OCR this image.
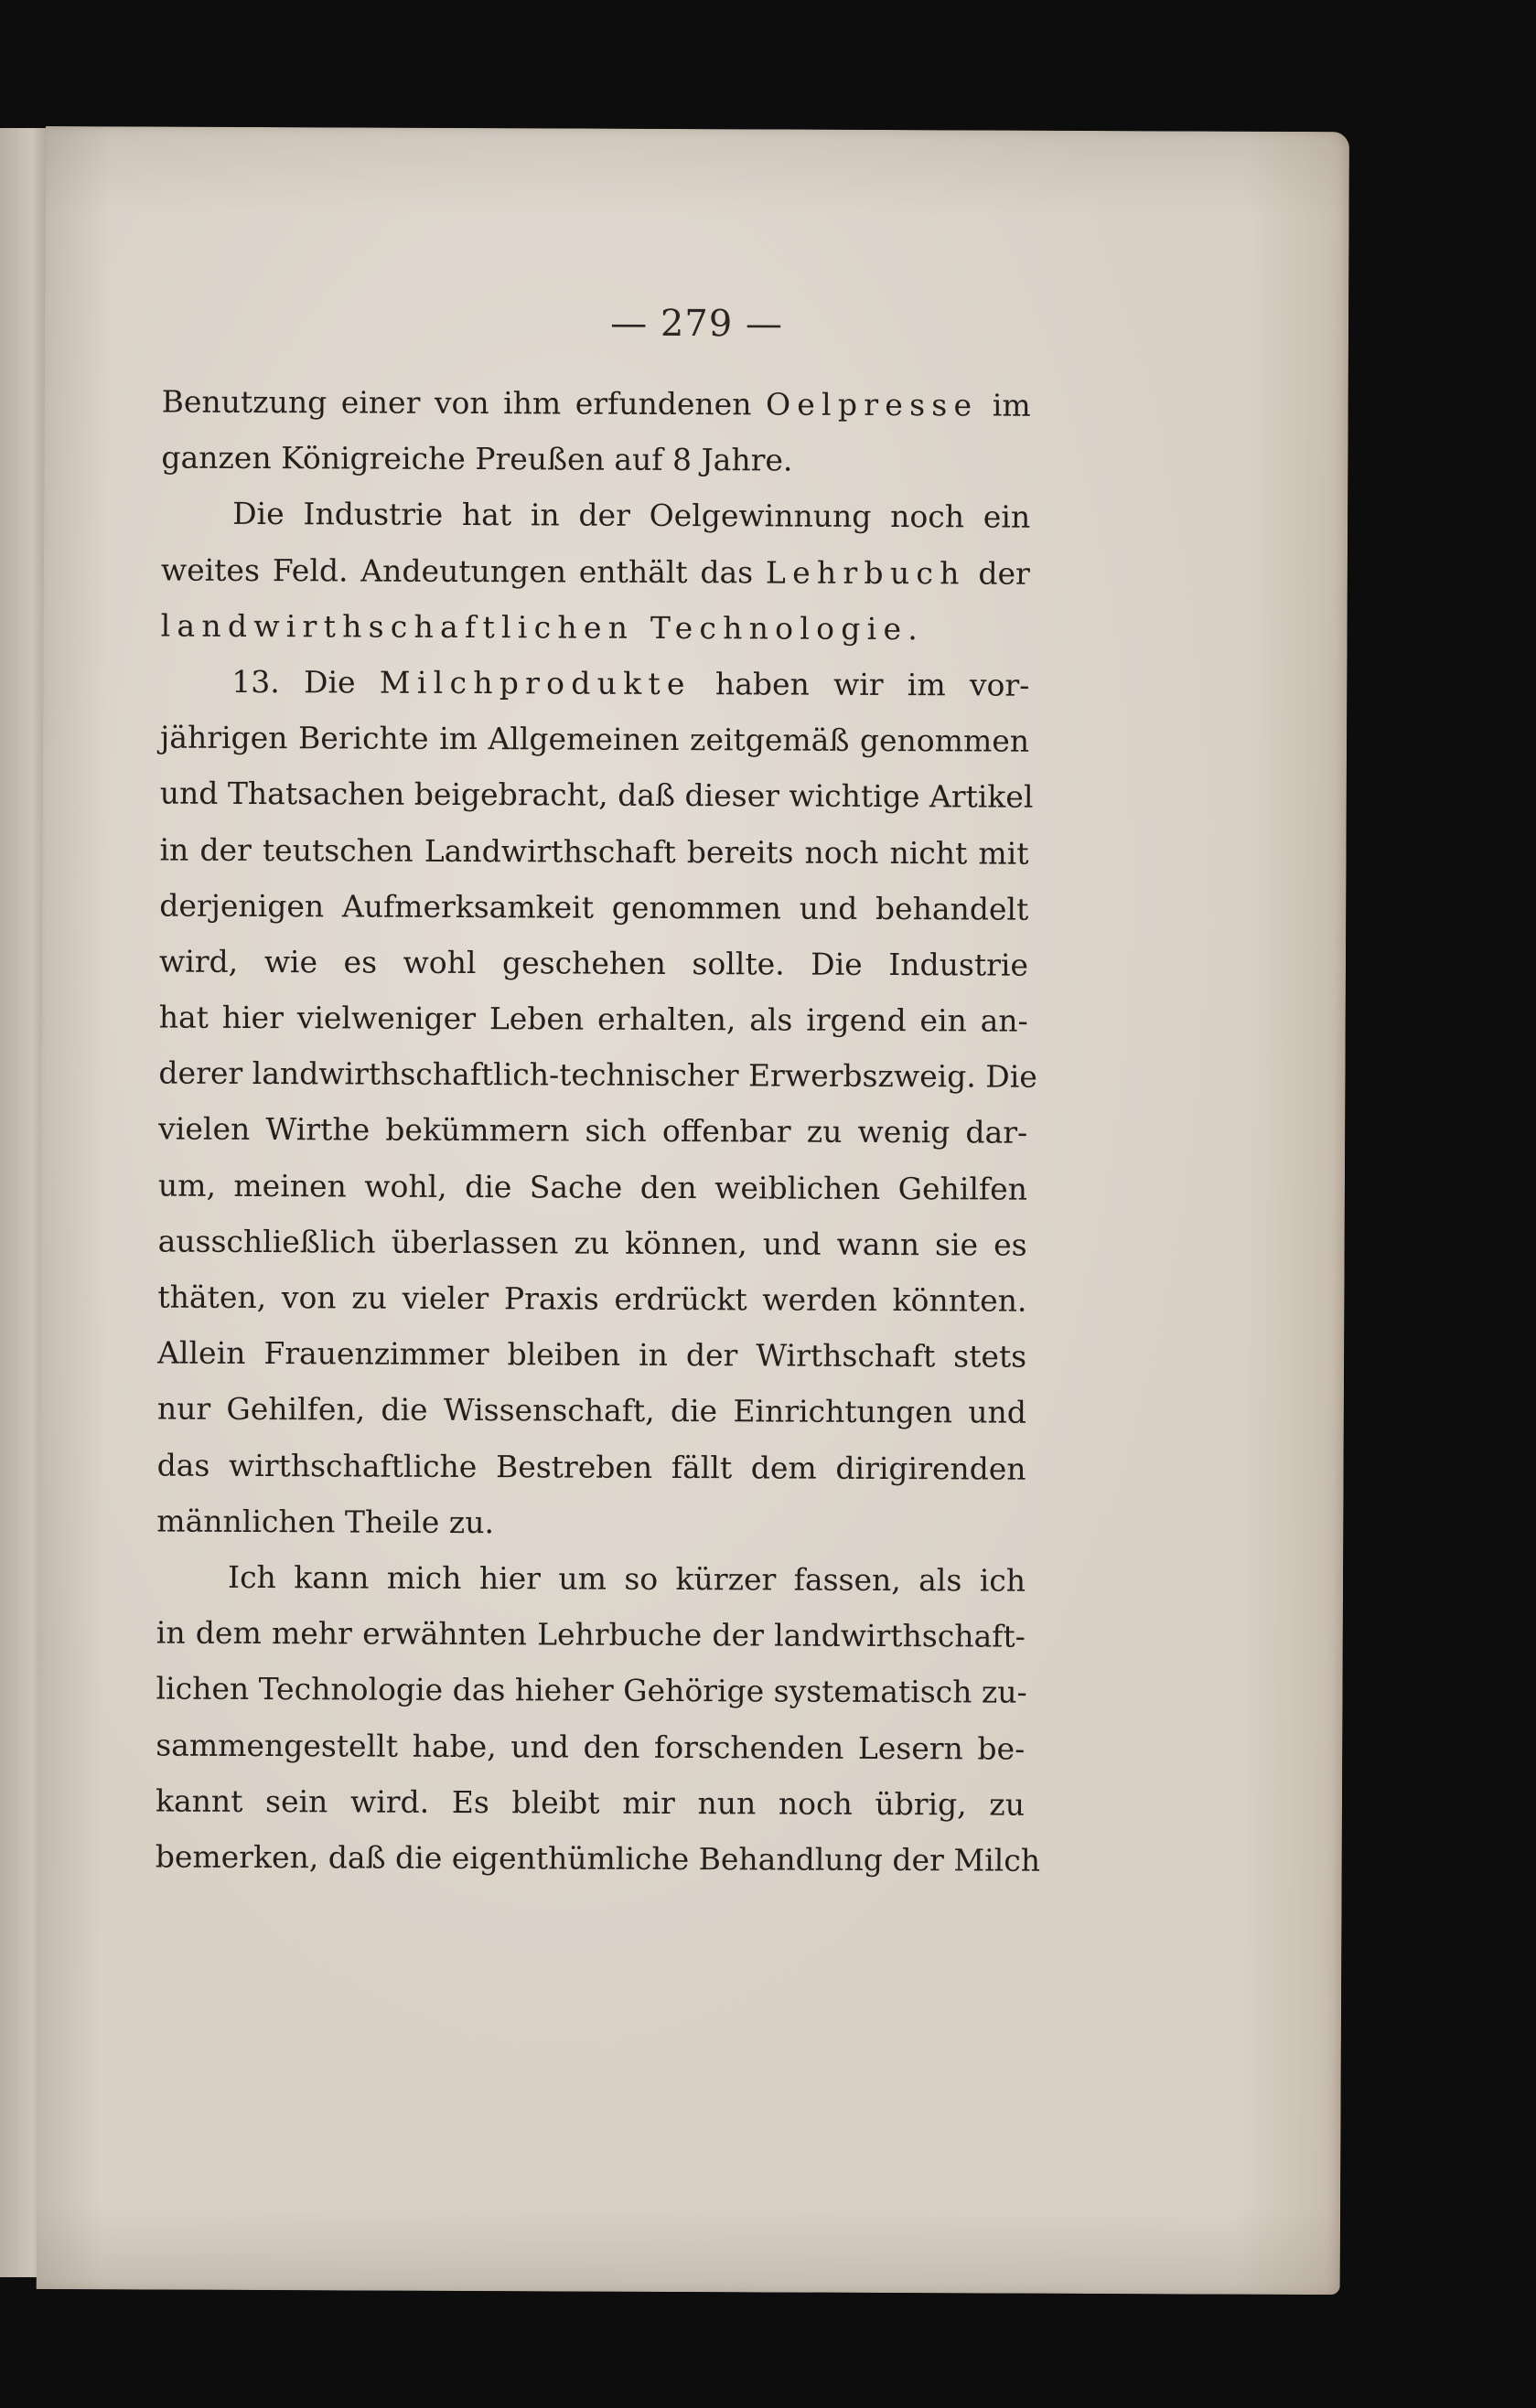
— 279 —
Benutzung einer von ihm erfundenen Oelpresse im
ganzen Königreiche Preußen auf 8 Jahre.
Die Industrie hat in der Oelgewinnung noch ein
weites Feld. Andeutungen enthält das Lehrbuch der
landwirthschaftlichen Technologie.
13. Die Milchprodukte haben wir im vor-
jährigen Berichte im Allgemeinen zeitgemäß genommen
und Thatsachen beigebracht, daß dieser wichtige Artikel
in der teutschen Landwirthschaft bereits noch nicht mit
derjenigen Aufmerksamkeit genommen und behandelt
wird, wie es wohl geschehen sollte. Die Industrie
hat hier vielweniger Leben erhalten, als irgend ein an-
derer landwirthschaftlich-technischer Erwerbszweig. Die
vielen Wirthe bekümmern sich offenbar zu wenig dar-
um, meinen wohl, die Sache den weiblichen Gehilfen
ausschließlich überlassen zu können, und wann sie es
thäten, von zu vieler Praxis erdrückt werden könnten.
Allein Frauenzimmer bleiben in der Wirthschaft stets
nur Gehilfen, die Wissenschaft, die Einrichtungen und
das wirthschaftliche Bestreben fällt dem dirigirenden
männlichen Theile zu.
Ich kann mich hier um so kürzer fassen, als ich
in dem mehr erwähnten Lehrbuche der landwirthschaft-
lichen Technologie das hieher Gehörige systematisch zu-
sammengestellt habe, und den forschenden Lesern be-
kannt sein wird. Es bleibt mir nun noch übrig, zu
bemerken, daß die eigenthümliche Behandlung der Milch
